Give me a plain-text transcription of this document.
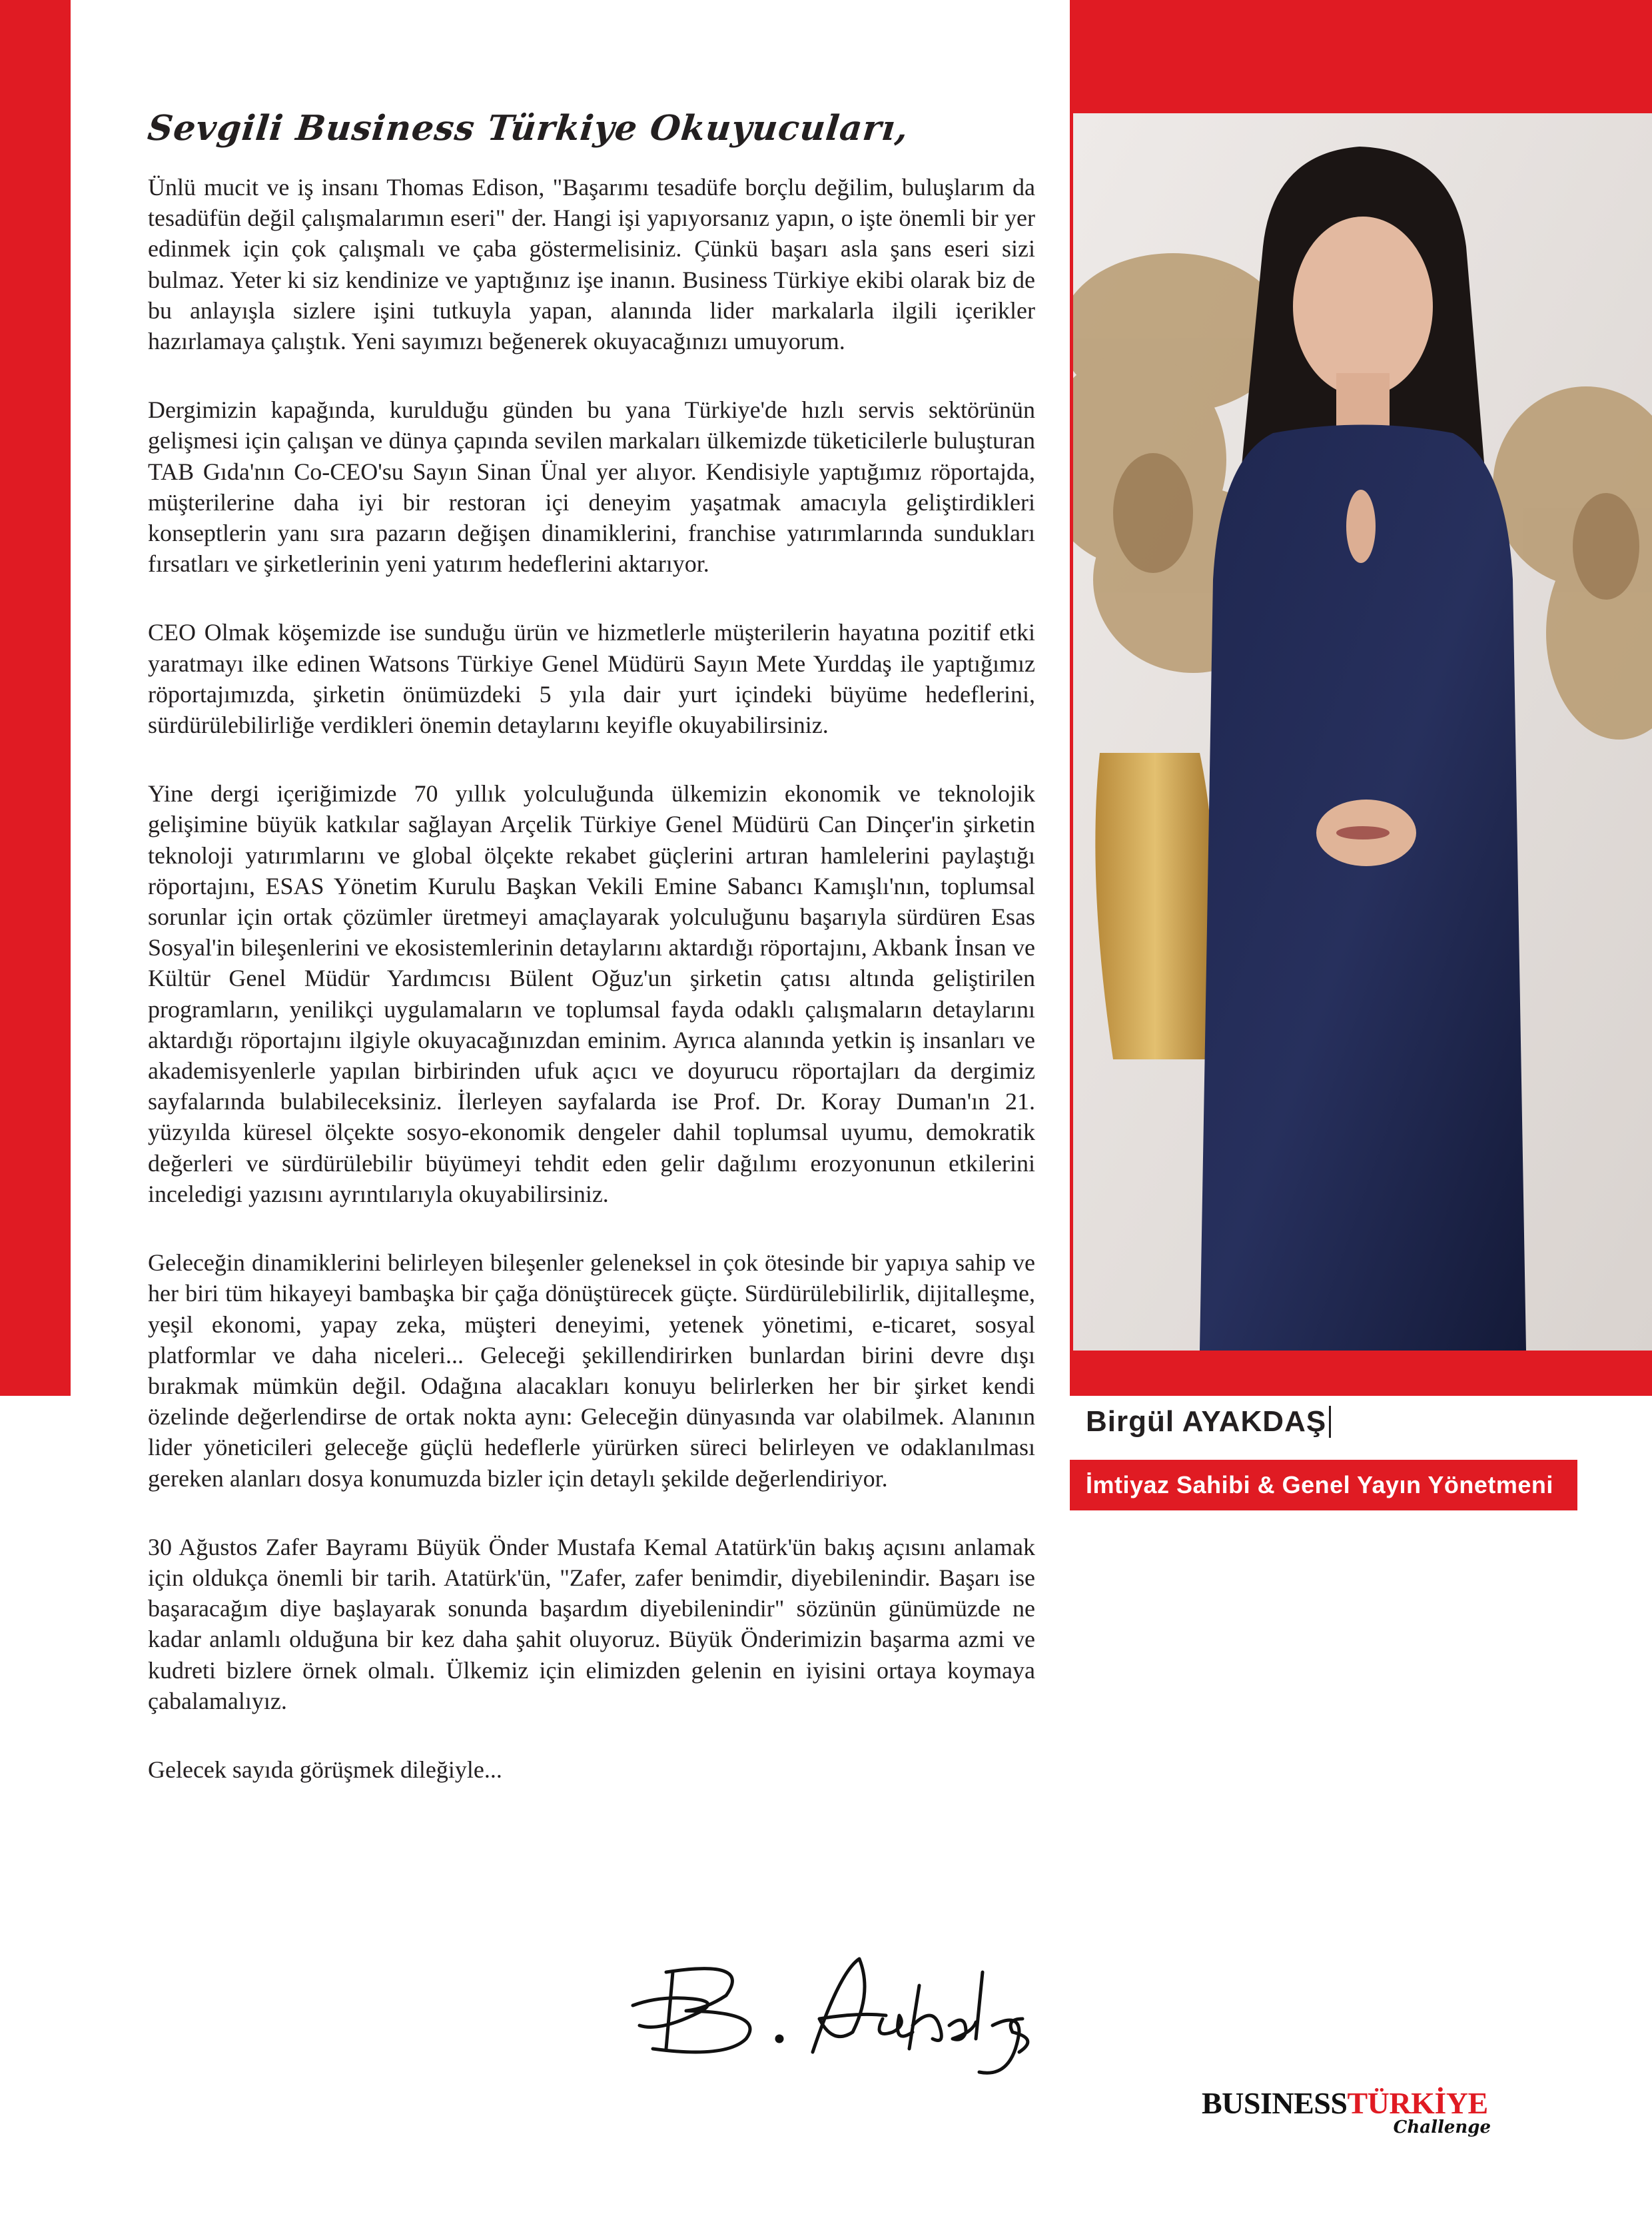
Sevgili Business Türkiye Okuyucuları,

Ünlü mucit ve iş insanı Thomas Edison, "Başarımı tesadüfe borçlu değilim, buluşlarım da tesadüfün değil çalışmalarımın eseri" der. Hangi işi yapıyorsanız yapın, o işte önemli bir yer edinmek için çok çalışmalı ve çaba göstermelisiniz. Çünkü başarı asla şans eseri sizi bulmaz. Yeter ki siz kendinize ve yaptığınız işe inanın. Business Türkiye ekibi olarak biz de bu anlayışla sizlere işini tutkuyla yapan, alanında lider markalarla ilgili içerikler hazırlamaya çalıştık. Yeni sayımızı beğenerek okuyacağınızı umuyorum.

Dergimizin kapağında, kurulduğu günden bu yana Türkiye'de hızlı servis sektörünün gelişmesi için çalışan ve dünya çapında sevilen markaları ülkemizde tüketicilerle buluşturan TAB Gıda'nın Co-CEO'su Sayın Sinan Ünal yer alıyor. Kendisiyle yaptığımız röportajda, müşterilerine daha iyi bir restoran içi deneyim yaşatmak amacıyla geliştirdikleri konseptlerin yanı sıra pazarın değişen dinamiklerini, franchise yatırımlarında sundukları fırsatları ve şirketlerinin yeni yatırım hedeflerini aktarıyor.

CEO Olmak köşemizde ise sunduğu ürün ve hizmetlerle müşterilerin hayatına pozitif etki yaratmayı ilke edinen Watsons Türkiye Genel Müdürü Sayın Mete Yurddaş ile yaptığımız röportajımızda, şirketin önümüzdeki 5 yıla dair yurt içindeki büyüme hedeflerini, sürdürülebilirliğe verdikleri önemin detaylarını keyifle okuyabilirsiniz.

Yine dergi içeriğimizde 70 yıllık yolculuğunda ülkemizin ekonomik ve teknolojik gelişimine büyük katkılar sağlayan Arçelik Türkiye Genel Müdürü Can Dinçer'in şirketin teknoloji yatırımlarını ve global ölçekte rekabet güçlerini artıran hamlelerini paylaştığı röportajını, ESAS Yönetim Kurulu Başkan Vekili Emine Sabancı Kamışlı'nın, toplumsal sorunlar için ortak çözümler üretmeyi amaçlayarak yolculuğunu başarıyla sürdüren Esas Sosyal'in bileşenlerini ve ekosistemlerinin detaylarını aktardığı röportajını, Akbank İnsan ve Kültür Genel Müdür Yardımcısı Bülent Oğuz'un şirketin çatısı altında geliştirilen programların, yenilikçi uygulamaların ve toplumsal fayda odaklı çalışmaların detaylarını aktardığı röportajını ilgiyle okuyacağınızdan eminim. Ayrıca alanında yetkin iş insanları ve akademisyenlerle yapılan birbirinden ufuk açıcı ve doyurucu röportajları da dergimiz sayfalarında bulabileceksiniz. İlerleyen sayfalarda ise Prof. Dr. Koray Duman'ın 21. yüzyılda küresel ölçekte sosyo-ekonomik dengeler dahil toplumsal uyumu, demokratik değerleri ve sürdürülebilir büyümeyi tehdit eden gelir dağılımı erozyonunun etkilerini inceledigi yazısını ayrıntılarıyla okuyabilirsiniz.

Geleceğin dinamiklerini belirleyen bileşenler geleneksel in çok ötesinde bir yapıya sahip ve her biri tüm hikayeyi bambaşka bir çağa dönüştürecek güçte. Sürdürülebilirlik, dijitalleşme, yeşil ekonomi, yapay zeka, müşteri deneyimi, yetenek yönetimi, e-ticaret, sosyal platformlar ve daha niceleri... Geleceği şekillendirirken bunlardan birini devre dışı bırakmak mümkün değil. Odağına alacakları konuyu belirlerken her bir şirket kendi özelinde değerlendirse de ortak nokta aynı: Geleceğin dünyasında var olabilmek. Alanının lider yöneticileri geleceğe güçlü hedeflerle yürürken süreci belirleyen ve odaklanılması gereken alanları dosya konumuzda bizler için detaylı şekilde değerlendiriyor.

30 Ağustos Zafer Bayramı Büyük Önder Mustafa Kemal Atatürk'ün bakış açısını anlamak için oldukça önemli bir tarih. Atatürk'ün, "Zafer, zafer benimdir, diyebilenindir. Başarı ise başaracağım diye başlayarak sonunda başardım diyebilenindir" sözünün günümüzde ne kadar anlamlı olduğuna bir kez daha şahit oluyoruz. Büyük Önderimizin başarma azmi ve kudreti bizlere örnek olmalı. Ülkemiz için elimizden gelenin en iyisini ortaya koymaya çabalamalıyız.

Gelecek sayıda görüşmek dileğiyle...

Birgül AYAKDAŞ
İmtiyaz Sahibi & Genel Yayın Yönetmeni
BUSINESSTÜRKİYE
Challenge
